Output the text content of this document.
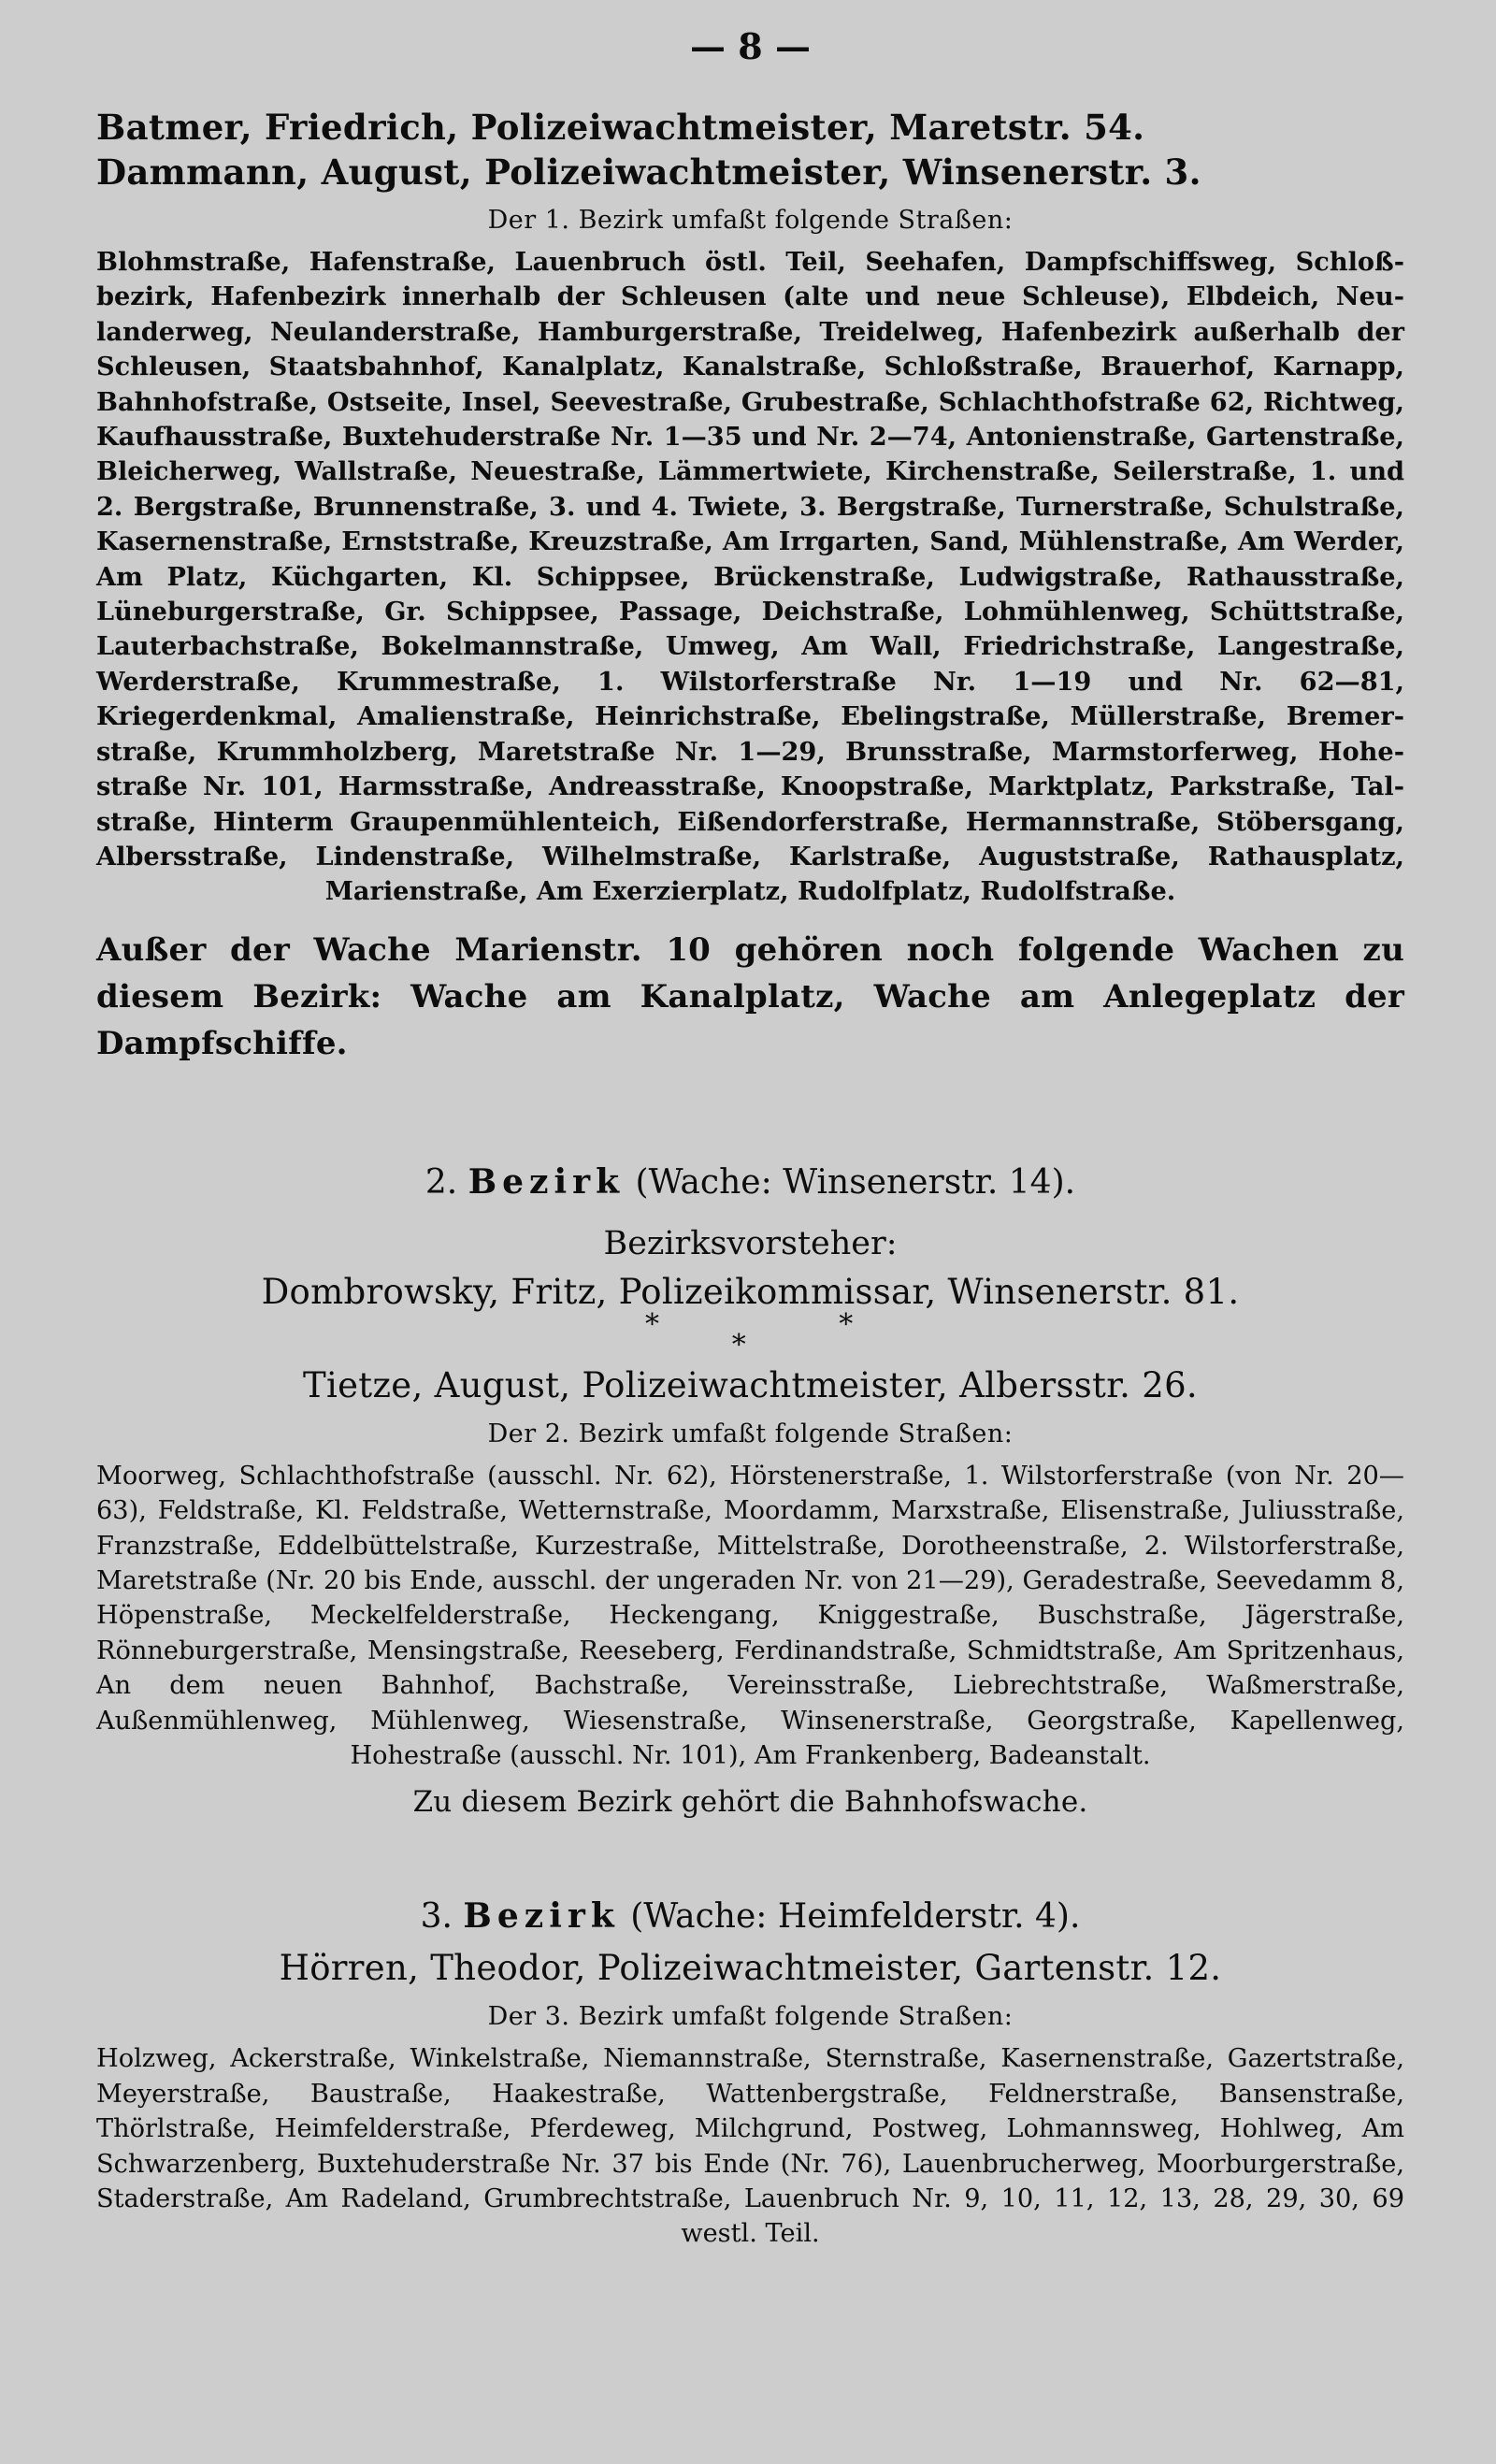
— 8 —
Batmer, Friedrich, Polizeiwachtmeister, Maretstr. 54.
Dammann, August, Polizeiwachtmeister, Winsenerstr. 3.
Der 1. Bezirk umfaßt folgende Straßen:
Blohmstraße, Hafenstraße, Lauenbruch östl. Teil, Seehafen, Dampfschiffsweg, Schloßbezirk, Hafenbezirk innerhalb der Schleusen (alte und neue Schleuse), Elbdeich, Neulanderweg, Neulanderstraße, Hamburgerstraße, Treidelweg, Hafenbezirk außerhalb der Schleusen, Staatsbahnhof, Kanalplatz, Kanalstraße, Schloßstraße, Brauerhof, Karnapp, Bahnhofstraße, Ostseite, Insel, Seevestraße, Grubestraße, Schlachthofstraße 62, Richtweg, Kaufhausstraße, Buxtehuderstraße Nr. 1—35 und Nr. 2—74, Antonienstraße, Gartenstraße, Bleicherweg, Wallstraße, Neuestraße, Lämmertwiete, Kirchenstraße, Seilerstraße, 1. und 2. Bergstraße, Brunnenstraße, 3. und 4. Twiete, 3. Bergstraße, Turnerstraße, Schulstraße, Kasernenstraße, Ernststraße, Kreuzstraße, Am Irrgarten, Sand, Mühlenstraße, Am Werder, Am Platz, Küchgarten, Kl. Schippsee, Brückenstraße, Ludwigstraße, Rathausstraße, Lüneburgerstraße, Gr. Schippsee, Passage, Deichstraße, Lohmühlenweg, Schüttstraße, Lauterbachstraße, Bokelmannstraße, Umweg, Am Wall, Friedrichstraße, Langestraße, Werderstraße, Krummestraße, 1. Wilstorferstraße Nr. 1—19 und Nr. 62—81, Kriegerdenkmal, Amalienstraße, Heinrichstraße, Ebelingstraße, Müllerstraße, Bremerstraße, Krummholzberg, Maretstraße Nr. 1—29, Brunsstraße, Marmstorferweg, Hohestraße Nr. 101, Harmsstraße, Andreasstraße, Knoopstraße, Marktplatz, Parkstraße, Talstraße, Hinterm Graupenmühlenteich, Eißendorferstraße, Hermannstraße, Stöbersgang, Albersstraße, Lindenstraße, Wilhelmstraße, Karlstraße, Auguststraße, Rathausplatz, Marienstraße, Am Exerzierplatz, Rudolfplatz, Rudolfstraße.
Außer der Wache Marienstr. 10 gehören noch folgende Wachen zu diesem Bezirk: Wache am Kanalplatz, Wache am Anlegeplatz der Dampfschiffe.
2. Bezirk (Wache: Winsenerstr. 14).
Bezirksvorsteher:
Dombrowsky, Fritz, Polizeikommissar, Winsenerstr. 81.
*
* *
Tietze, August, Polizeiwachtmeister, Albersstr. 26.
Der 2. Bezirk umfaßt folgende Straßen:
Moorweg, Schlachthofstraße (ausschl. Nr. 62), Hörstenerstraße, 1. Wilstorferstraße (von Nr. 20—63), Feldstraße, Kl. Feldstraße, Wetternstraße, Moordamm, Marxstraße, Elisenstraße, Juliusstraße, Franzstraße, Eddelbüttelstraße, Kurzestraße, Mittelstraße, Dorotheenstraße, 2. Wilstorferstraße, Maretstraße (Nr. 20 bis Ende, ausschl. der ungeraden Nr. von 21—29), Geradestraße, Seevedamm 8, Höpenstraße, Meckelfelderstraße, Heckengang, Kniggestraße, Buschstraße, Jägerstraße, Rönneburgerstraße, Mensingstraße, Reeseberg, Ferdinandstraße, Schmidtstraße, Am Spritzenhaus, An dem neuen Bahnhof, Bachstraße, Vereinsstraße, Liebrechtstraße, Waßmerstraße, Außenmühlenweg, Mühlenweg, Wiesenstraße, Winsenerstraße, Georgstraße, Kapellenweg, Hohestraße (ausschl. Nr. 101), Am Frankenberg, Badeanstalt.
Zu diesem Bezirk gehört die Bahnhofswache.
3. Bezirk (Wache: Heimfelderstr. 4).
Hörren, Theodor, Polizeiwachtmeister, Gartenstr. 12.
Der 3. Bezirk umfaßt folgende Straßen:
Holzweg, Ackerstraße, Winkelstraße, Niemannstraße, Sternstraße, Kasernenstraße, Gazertstraße, Meyerstraße, Baustraße, Haakestraße, Wattenbergstraße, Feldnerstraße, Bansenstraße, Thörlstraße, Heimfelderstraße, Pferdeweg, Milchgrund, Postweg, Lohmannsweg, Hohlweg, Am Schwarzenberg, Buxtehuderstraße Nr. 37 bis Ende (Nr. 76), Lauenbrucherweg, Moorburgerstraße, Staderstraße, Am Radeland, Grumbrechtstraße, Lauenbruch Nr. 9, 10, 11, 12, 13, 28, 29, 30, 69 westl. Teil.
